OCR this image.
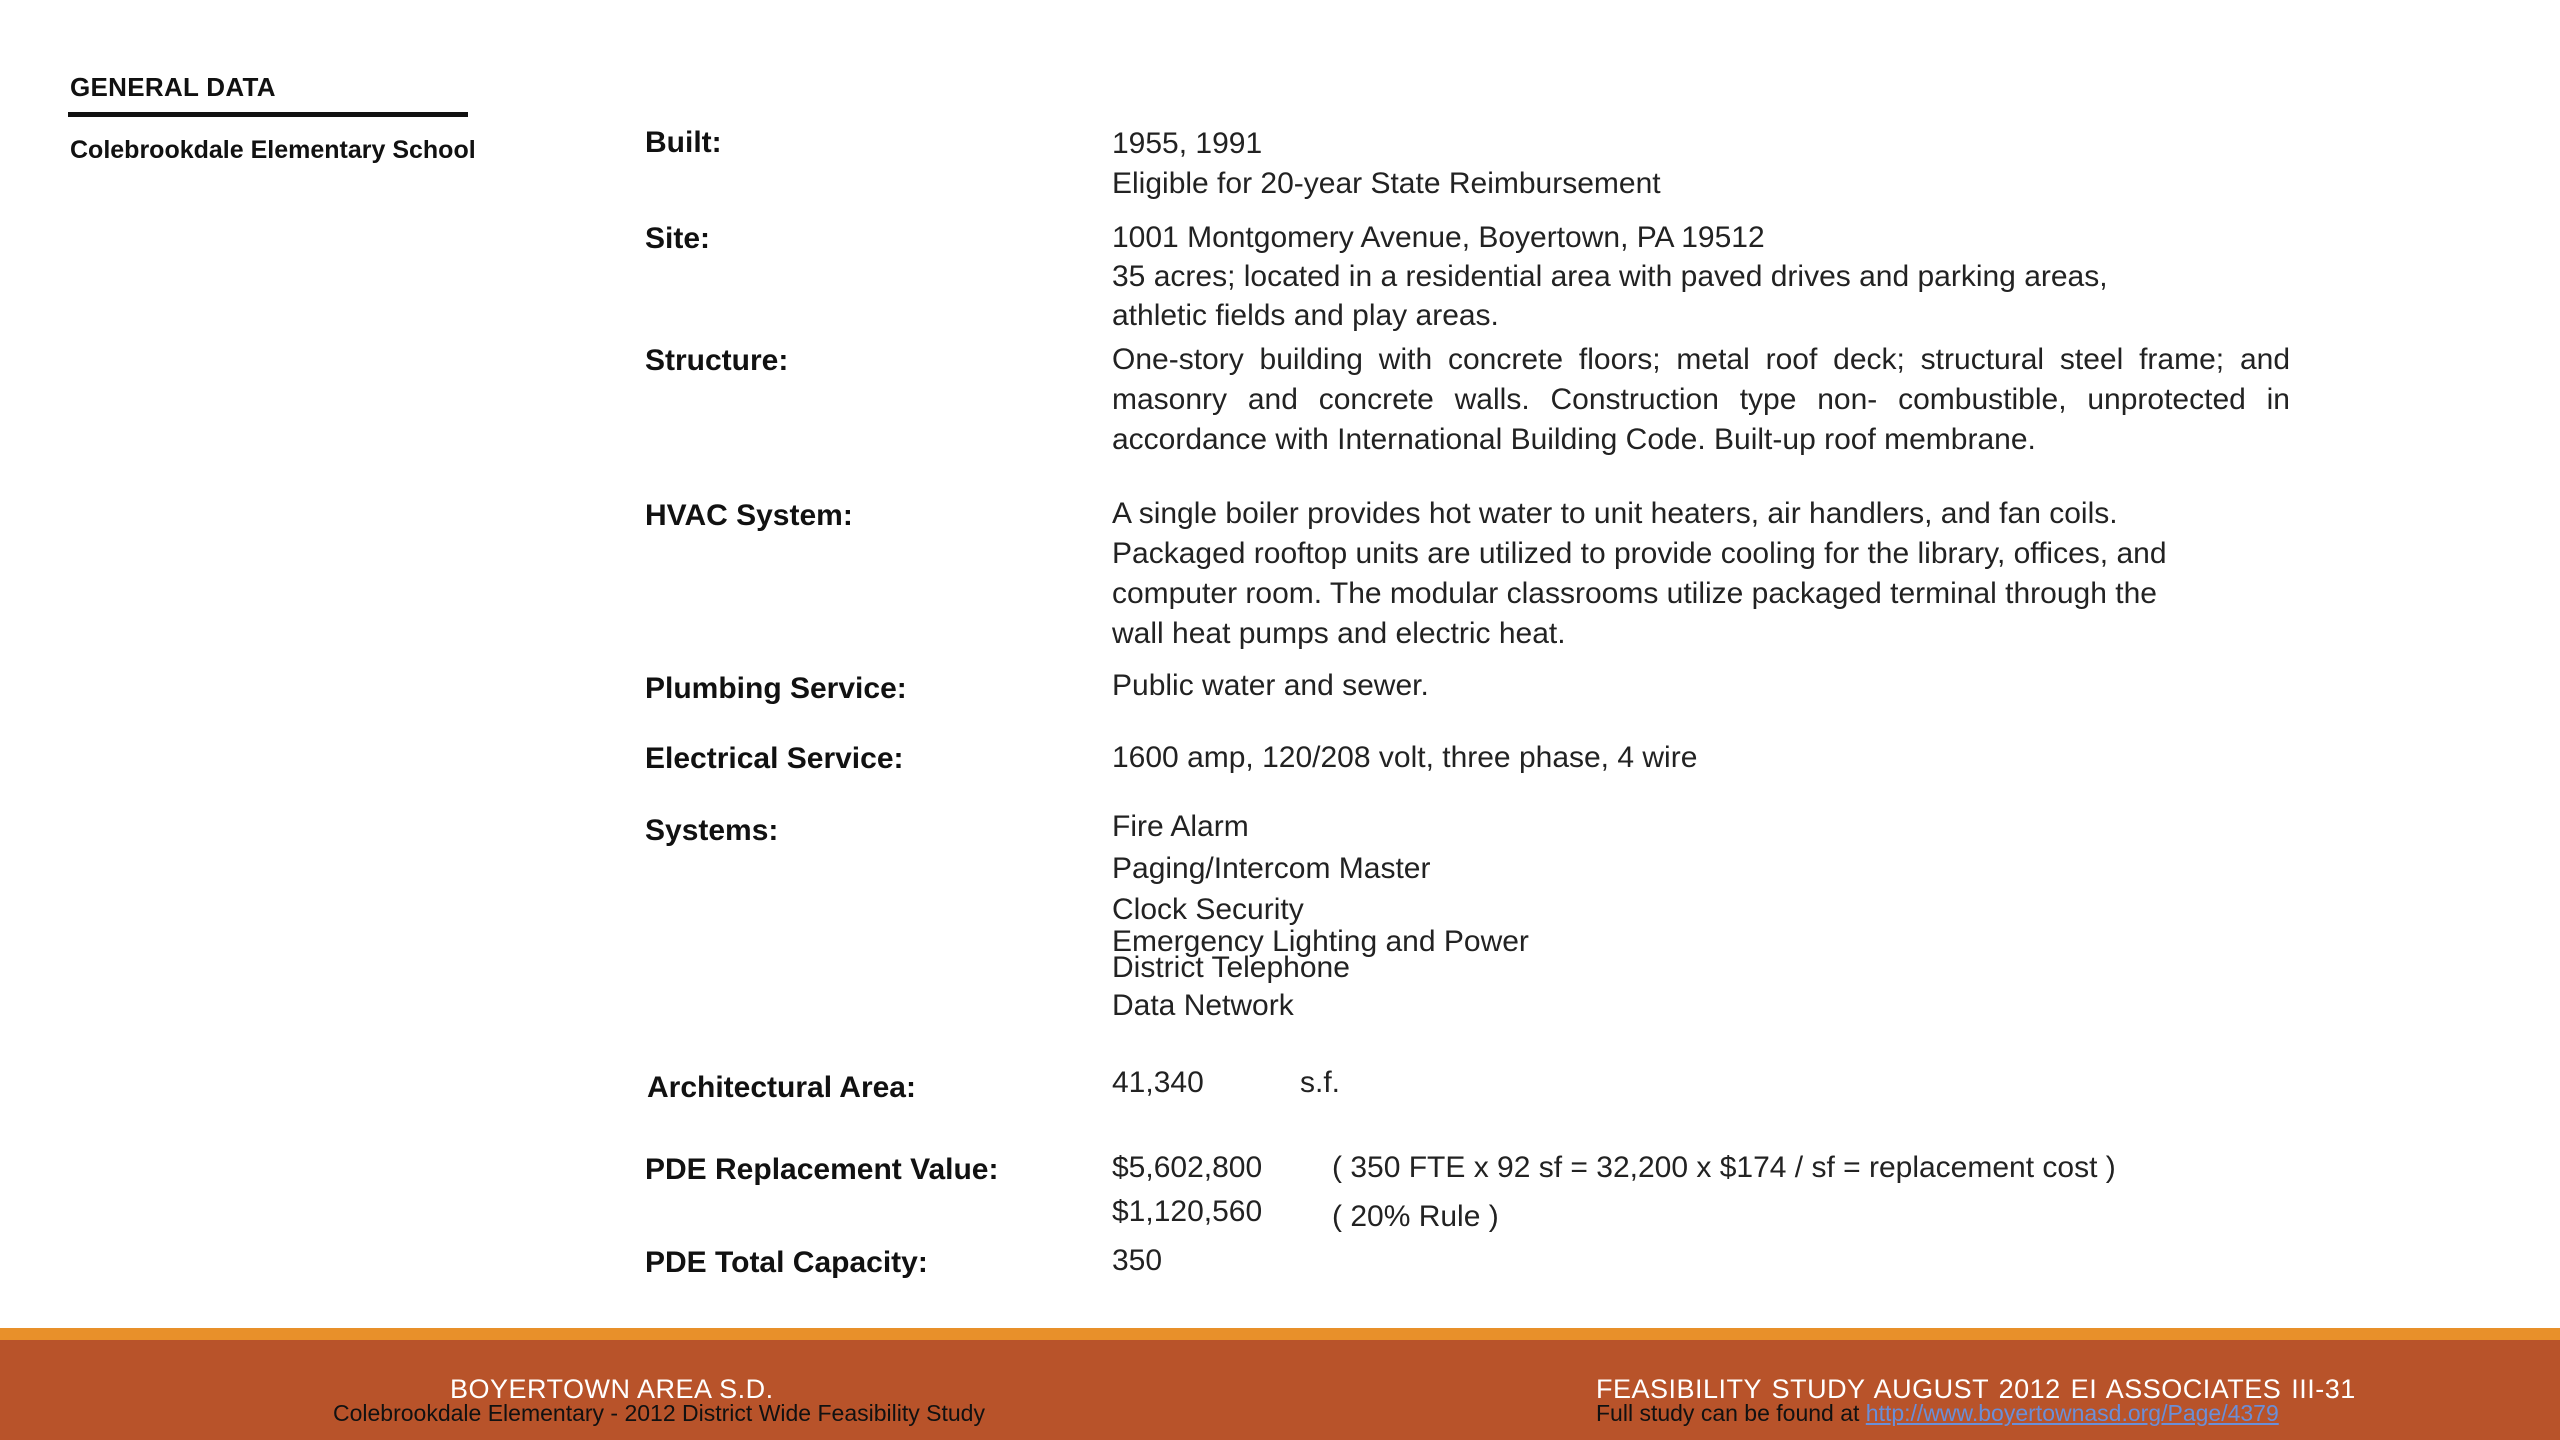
GENERAL DATA
Colebrookdale Elementary School	Built:	1955, 1991
Eligible for 20-year State Reimbursement
Site:	1001 Montgomery Avenue, Boyertown, PA 19512
35 acres; located in a residential area with paved drives and parking areas,
athletic fields and play areas.
Structure:	One-story building with concrete floors; metal roof deck; structural steel frame; and masonry and concrete walls. Construction type non- combustible, unprotected in accordance with International Building Code. Built-up roof membrane.
HVAC System:	A single boiler provides hot water to unit heaters, air handlers, and fan coils.
Packaged rooftop units are utilized to provide cooling for the library, offices, and
computer room. The modular classrooms utilize packaged terminal through the
wall heat pumps and electric heat.
Plumbing Service:	Public water and sewer.
Electrical Service:	1600 amp, 120/208 volt, three phase, 4 wire
Systems:	Fire Alarm
Paging/Intercom Master
Clock Security
Emergency Lighting and Power
District Telephone
Data Network
Architectural Area:	41,340	s.f.
PDE Replacement Value:	$5,602,800 ( 350 FTE x 92 sf = 32,200 x $174 / sf = replacement cost )
$1,120,560 ( 20% Rule )
PDE Total Capacity:	350
BOYERTOWN AREA S.D.
Colebrookdale Elementary - 2012 District Wide Feasibility Study
FEASIBILITY STUDY AUGUST 2012 EI ASSOCIATES III-31
Full study can be found at http://www.boyertownasd.org/Page/4379
